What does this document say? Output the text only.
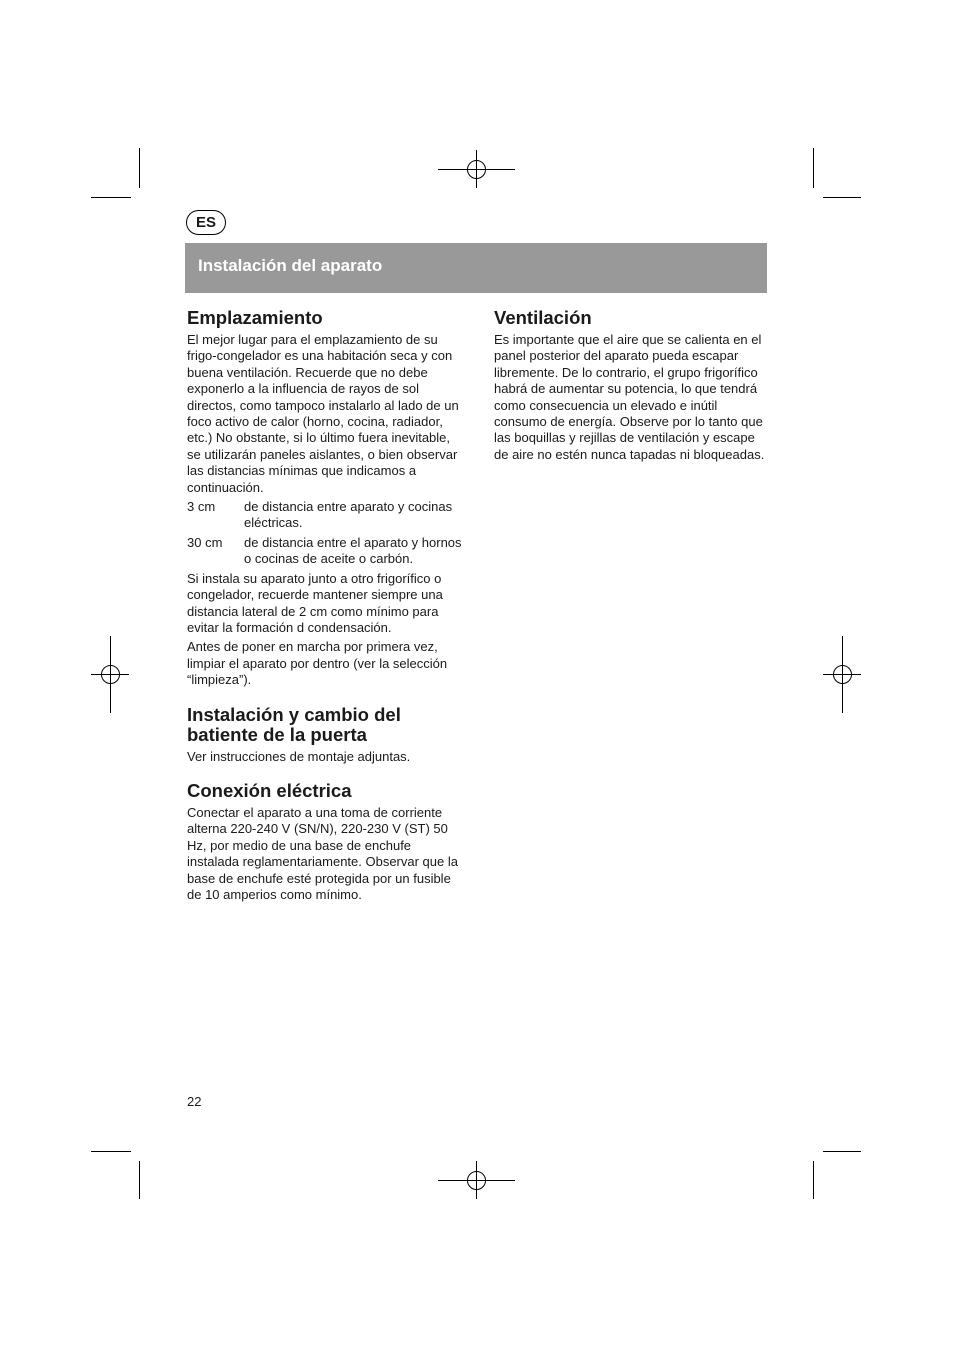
ES
Instalación del aparato
Emplazamiento

El mejor lugar para el emplazamiento de su frigo-congelador es una habitación seca y con buena ventilación. Recuerde que no debe exponerlo a la influencia de rayos de sol directos, como tampoco instalarlo al lado de un foco activo de calor (horno, cocina, radiador, etc.) No obstante, si lo último fuera inevitable, se utilizarán paneles aislantes, o bien observar las distancias mínimas que indicamos a continuación.

3 cm	de distancia entre aparato y cocinas eléctricas.
30 cm	de distancia entre el aparato y hornos o cocinas de aceite o carbón.

Si instala su aparato junto a otro frigorífico o congelador, recuerde mantener siempre una distancia lateral de 2 cm como mínimo para evitar la formación d condensación.

Antes de poner en marcha por primera vez, limpiar el aparato por dentro (ver la selección “limpieza”).

Instalación y cambio del batiente de la puerta

Ver instrucciones de montaje adjuntas.

Conexión eléctrica

Conectar el aparato a una toma de corriente alterna 220-240 V (SN/N), 220-230 V (ST) 50 Hz, por medio de una base de enchufe instalada reglamentariamente. Observar que la base de enchufe esté protegida por un fusible de 10 amperios como mínimo.

Ventilación

Es importante que el aire que se calienta en el panel posterior del aparato pueda escapar libremente. De lo contrario, el grupo frigorífico habrá de aumentar su potencia, lo que tendrá como consecuencia un elevado e inútil consumo de energía. Observe por lo tanto que las boquillas y rejillas de ventilación y escape de aire no estén nunca tapadas ni bloqueadas.

22
